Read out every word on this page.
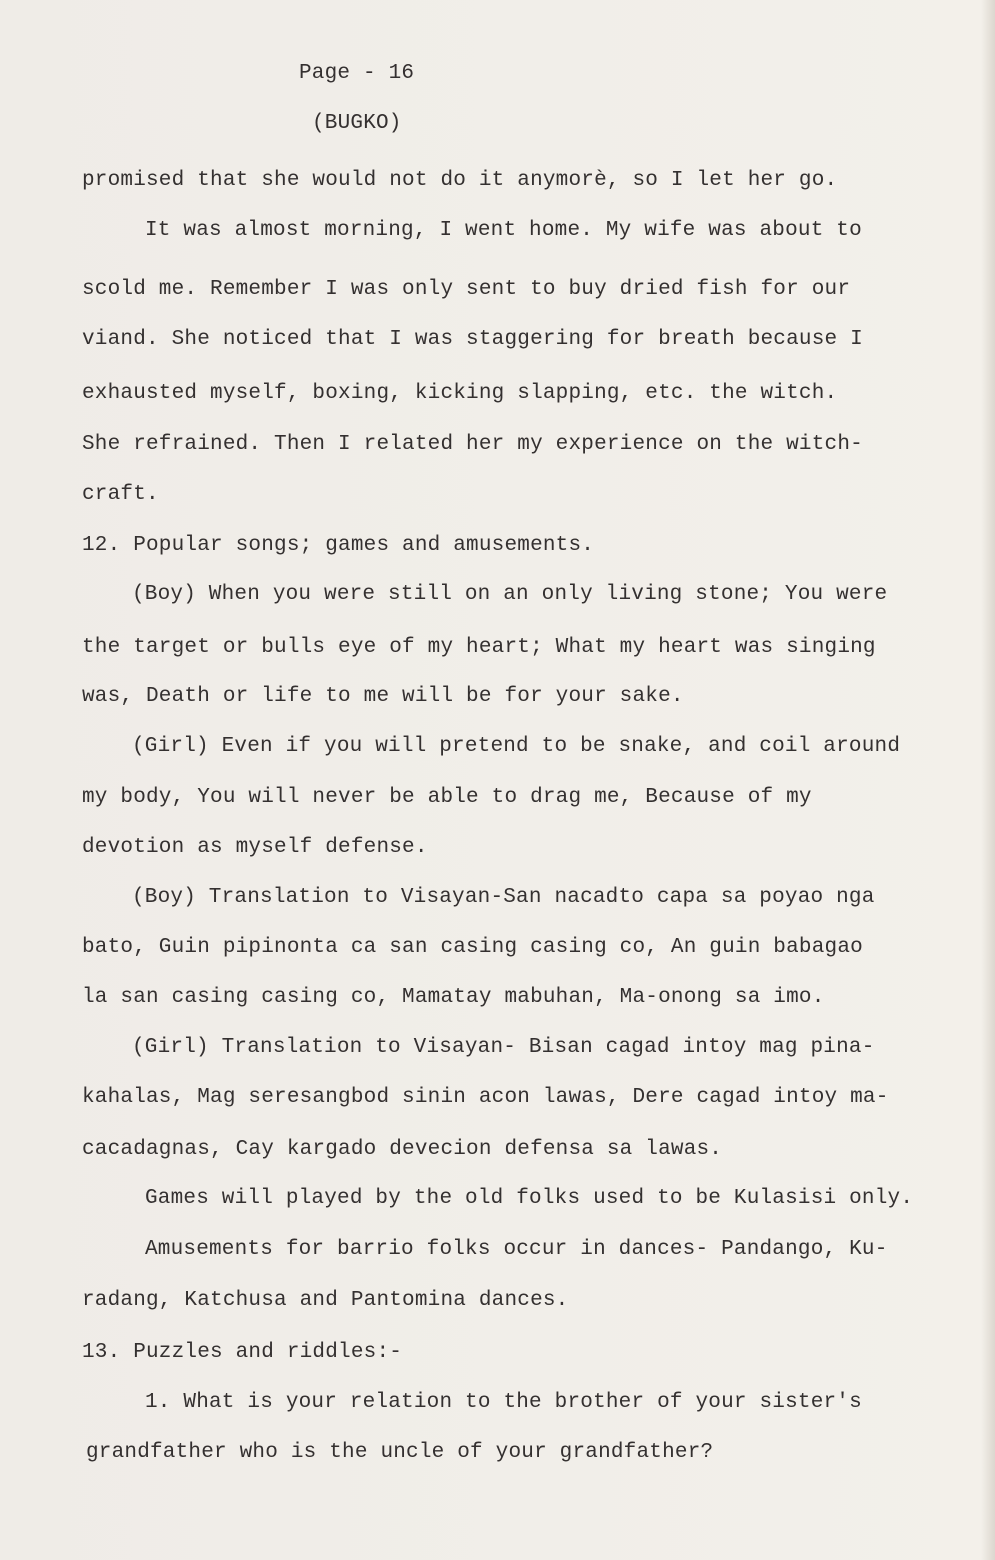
Page - 16
(BUGKO)
promised that she would not do it anymorè, so I let her go.
It was almost morning, I went home. My wife was about to
scold me. Remember I was only sent to buy dried fish for our
viand. She noticed that I was staggering for breath because I
exhausted myself, boxing, kicking slapping, etc. the witch.
She refrained. Then I related her my experience on the witch-
craft.
12. Popular songs; games and amusements.
(Boy) When you were still on an only living stone; You were
the target or bulls eye of my heart; What my heart was singing
was, Death or life to me will be for your sake.
(Girl) Even if you will pretend to be snake, and coil around
my body, You will never be able to drag me, Because of my
devotion as myself defense.
(Boy) Translation to Visayan-San nacadto capa sa poyao nga
bato, Guin pipinonta ca san casing casing co, An guin babagao
la san casing casing co, Mamatay mabuhan, Ma-onong sa imo.
(Girl) Translation to Visayan- Bisan cagad intoy mag pina-
kahalas, Mag seresangbod sinin acon lawas, Dere cagad intoy ma-
cacadagnas, Cay kargado devecion defensa sa lawas.
Games will played by the old folks used to be Kulasisi only.
Amusements for barrio folks occur in dances- Pandango, Ku-
radang, Katchusa and Pantomina dances.
13. Puzzles and riddles:-
1. What is your relation to the brother of your sister's
grandfather who is the uncle of your grandfather?
